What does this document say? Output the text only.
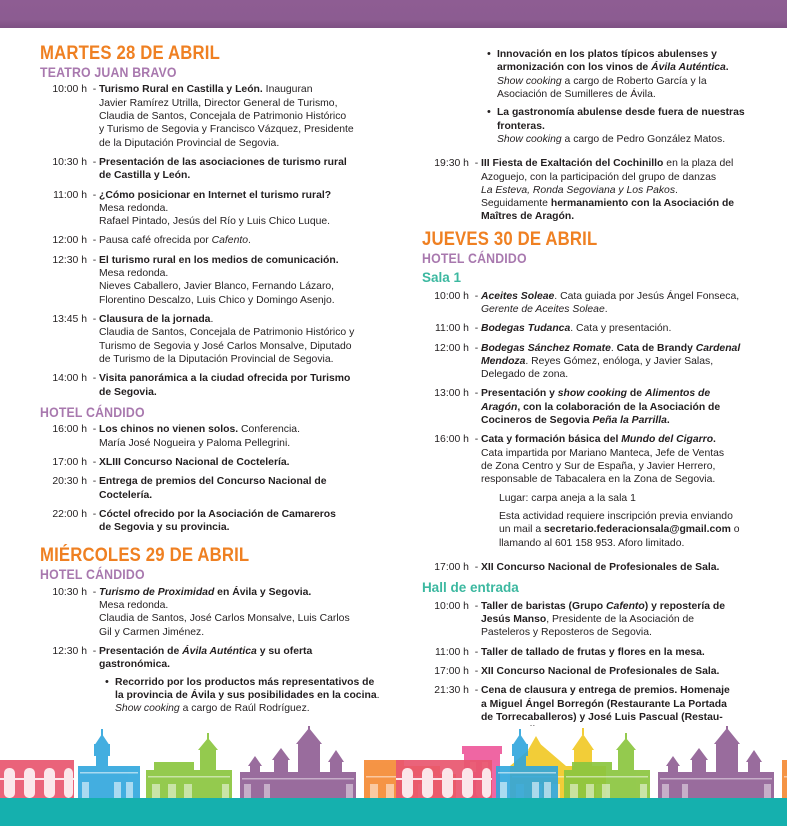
MARTES 28 DE ABRIL
TEATRO JUAN BRAVO
10:00 h - Turismo Rural en Castilla y León. Inauguran
Javier Ramírez Utrilla, Director General de Turismo,
Claudia de Santos, Concejala de Patrimonio Histórico
y Turismo de Segovia y Francisco Vázquez, Presidente
de la Diputación Provincial de Segovia.
10:30 h - Presentación de las asociaciones de turismo rural
de Castilla y León.
11:00 h - ¿Cómo posicionar en Internet el turismo rural?
Mesa redonda.
Rafael Pintado, Jesús del Río y Luis Chico Luque.
12:00 h - Pausa café ofrecida por Cafento.
12:30 h - El turismo rural en los medios de comunicación.
Mesa redonda.
Nieves Caballero, Javier Blanco, Fernando Lázaro,
Florentino Descalzo, Luis Chico y Domingo Asenjo.
13:45 h - Clausura de la jornada.
Claudia de Santos, Concejala de Patrimonio Histórico y
Turismo de Segovia y José Carlos Monsalve, Diputado
de Turismo de la Diputación Provincial de Segovia.
14:00 h - Visita panorámica a la ciudad ofrecida por Turismo
de Segovia.
HOTEL CÁNDIDO
16:00 h - Los chinos no vienen solos. Conferencia.
María José Nogueira y Paloma Pellegrini.
17:00 h - XLIII Concurso Nacional de Coctelería.
20:30 h - Entrega de premios del Concurso Nacional de
Coctelería.
22:00 h - Cóctel ofrecido por la Asociación de Camareros
de Segovia y su provincia.
MIÉRCOLES 29 DE ABRIL
HOTEL CÁNDIDO
10:30 h - Turismo de Proximidad en Ávila y Segovia.
Mesa redonda.
Claudia de Santos, José Carlos Monsalve, Luis Carlos
Gil y Carmen Jiménez.
12:30 h - Presentación de Ávila Auténtica y su oferta
gastronómica.
• Recorrido por los productos más representativos de
la provincia de Ávila y sus posibilidades en la cocina.
Show cooking a cargo de Raúl Rodríguez.
• Innovación en los platos típicos abulenses y
armonización con los vinos de Ávila Auténtica.
Show cooking a cargo de Roberto García y la
Asociación de Sumilleres de Ávila.
• La gastronomía abulense desde fuera de nuestras
fronteras.
Show cooking a cargo de Pedro González Matos.
19:30 h - III Fiesta de Exaltación del Cochinillo en la plaza del
Azoguejo, con la participación del grupo de danzas
La Esteva, Ronda Segoviana y Los Pakos.
Seguidamente hermanamiento con la Asociación de
Maîtres de Aragón.
JUEVES 30 DE ABRIL
HOTEL CÁNDIDO
Sala 1
10:00 h - Aceites Soleae. Cata guiada por Jesús Ángel Fonseca,
Gerente de Aceites Soleae.
11:00 h - Bodegas Tudanca. Cata y presentación.
12:00 h - Bodegas Sánchez Romate. Cata de Brandy Cardenal
Mendoza. Reyes Gómez, enóloga, y Javier Salas,
Delegado de zona.
13:00 h - Presentación y show cooking de Alimentos de
Aragón, con la colaboración de la Asociación de
Cocineros de Segovia Peña la Parrilla.
16:00 h - Cata y formación básica del Mundo del Cigarro.
Cata impartida por Mariano Manteca, Jefe de Ventas
de Zona Centro y Sur de España, y Javier Herrero,
responsable de Tabacalera en la Zona de Segovia.
Lugar: carpa aneja a la sala 1
Esta actividad requiere inscripción previa enviando
un mail a secretario.federacionsala@gmail.com o
llamando al 601 158 953. Aforo limitado.
17:00 h - XII Concurso Nacional de Profesionales de Sala.
Hall de entrada
10:00 h - Taller de baristas (Grupo Cafento) y repostería de
Jesús Manso, Presidente de la Asociación de
Pasteleros y Reposteros de Segovia.
11:00 h - Taller de tallado de frutas y flores en la mesa.
17:00 h - XII Concurso Nacional de Profesionales de Sala.
21:30 h - Cena de clausura y entrega de premios. Homenaje
a Miguel Ángel Borregón (Restaurante La Portada
de Torrecaballeros) y José Luis Pascual (Restau-
